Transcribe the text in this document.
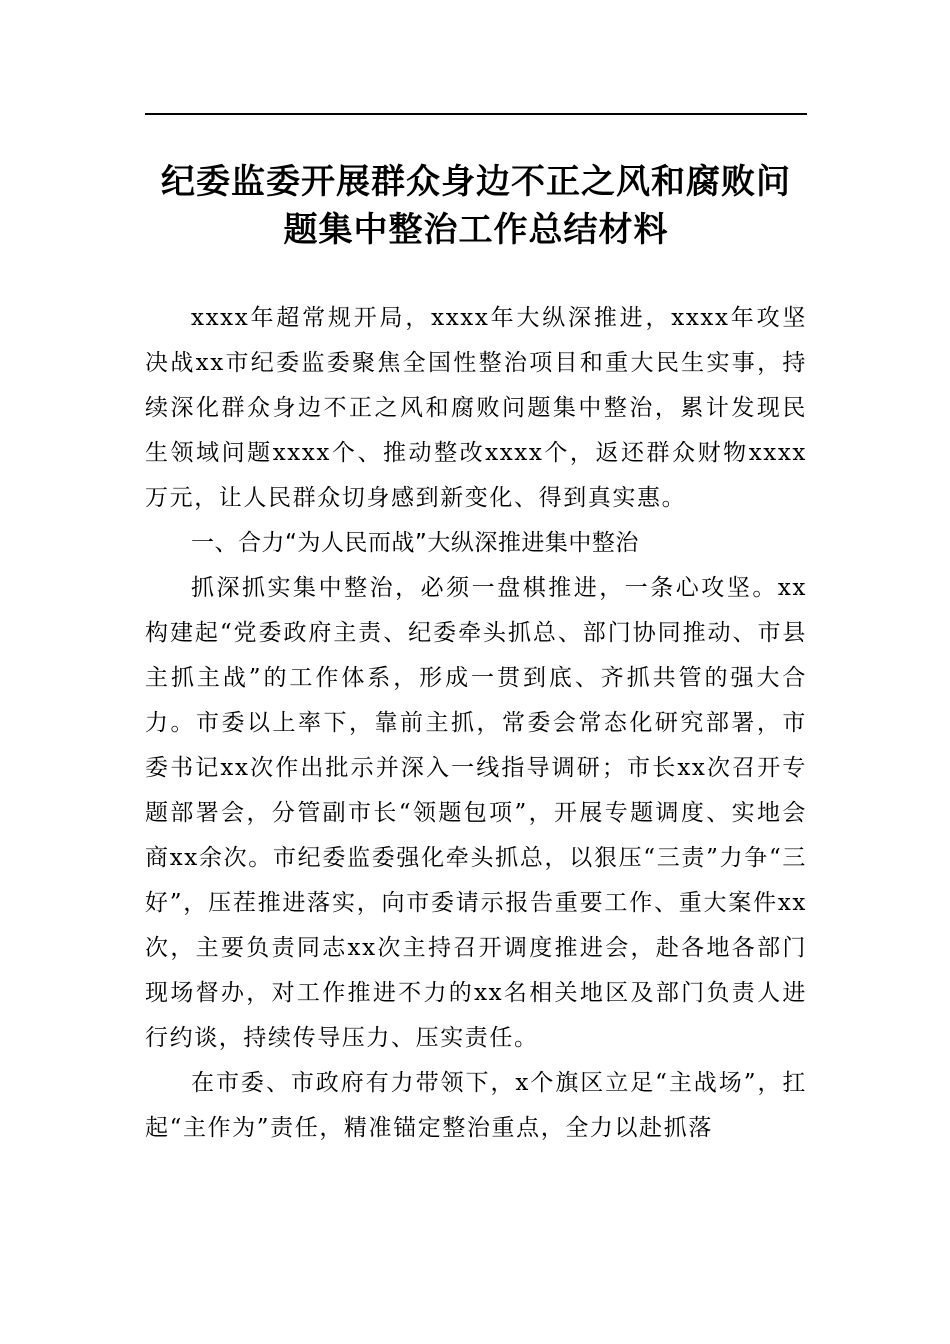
纪委监委开展群众身边不正之风和腐败问
题集中整治工作总结材料

xxxx年超常规开局，xxxx年大纵深推进，xxxx年攻坚决战xx市纪委监委聚焦全国性整治项目和重大民生实事，持续深化群众身边不正之风和腐败问题集中整治，累计发现民生领域问题xxxx个、推动整改xxxx个，返还群众财物xxxx万元，让人民群众切身感到新变化、得到真实惠。

一、合力“为人民而战”大纵深推进集中整治

抓深抓实集中整治，必须一盘棋推进，一条心攻坚。xx构建起“党委政府主责、纪委牵头抓总、部门协同推动、市县主抓主战”的工作体系，形成一贯到底、齐抓共管的强大合力。市委以上率下，靠前主抓，常委会常态化研究部署，市委书记xx次作出批示并深入一线指导调研；市长xx次召开专题部署会，分管副市长“领题包项”，开展专题调度、实地会商xx余次。市纪委监委强化牵头抓总，以狠压“三责”力争“三好”，压茬推进落实，向市委请示报告重要工作、重大案件xx次，主要负责同志xx次主持召开调度推进会，赴各地各部门现场督办，对工作推进不力的xx名相关地区及部门负责人进行约谈，持续传导压力、压实责任。

在市委、市政府有力带领下，x个旗区立足“主战场”，扛起“主作为”责任，精准锚定整治重点，全力以赴抓落
